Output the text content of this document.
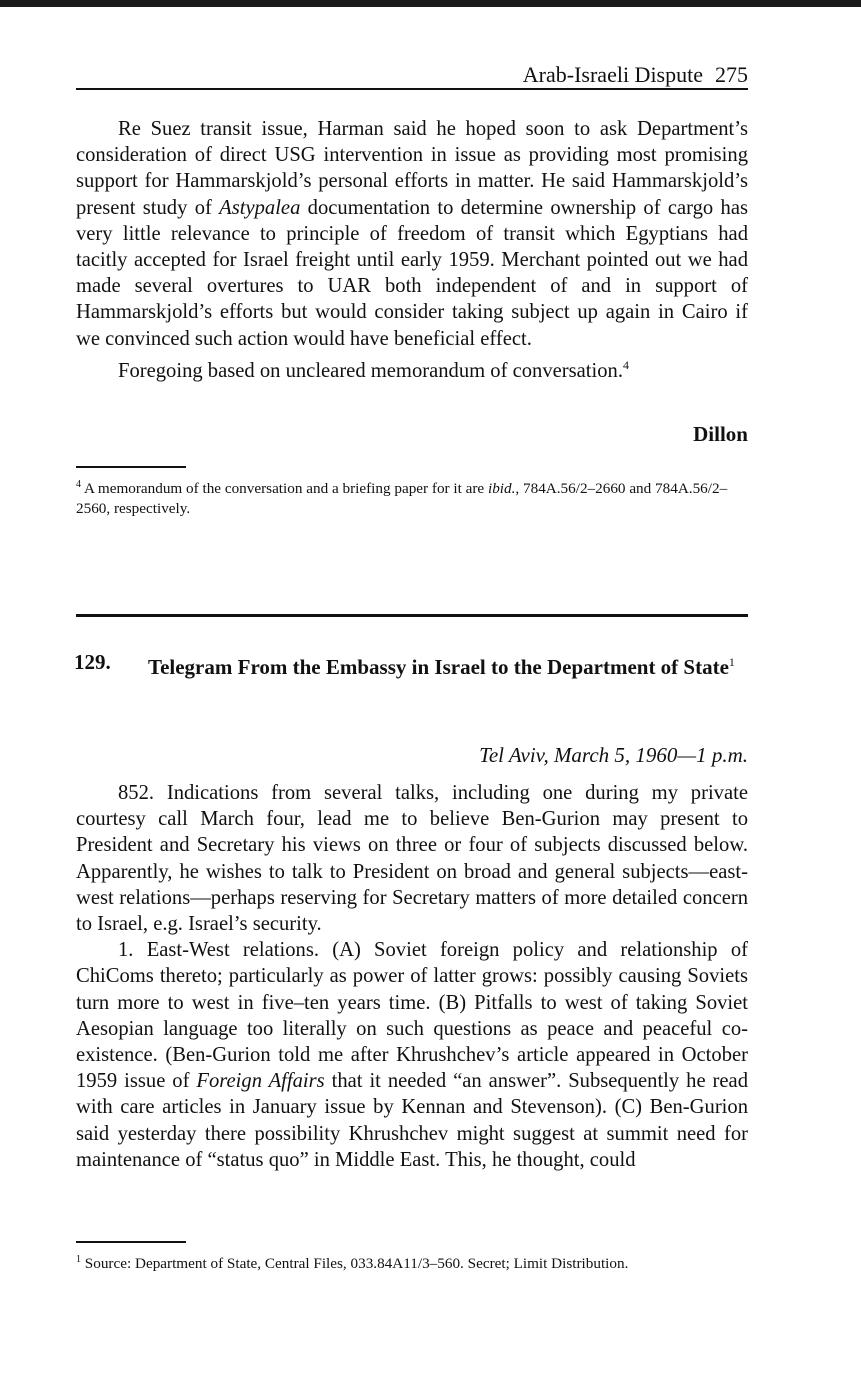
Arab-Israeli Dispute 275

Re Suez transit issue, Harman said he hoped soon to ask Department’s consideration of direct USG intervention in issue as providing most promising support for Hammarskjold’s personal efforts in matter. He said Hammarskjold’s present study of Astypalea documentation to determine ownership of cargo has very little relevance to principle of freedom of transit which Egyptians had tacitly accepted for Israel freight until early 1959. Merchant pointed out we had made several overtures to UAR both independent of and in support of Hammarskjold’s efforts but would consider taking subject up again in Cairo if we convinced such action would have beneficial effect.

Foregoing based on uncleared memorandum of conversation.$^4$

Dillon
$^4$ A memorandum of the conversation and a briefing paper for it are ibid., 784A.56/2–2660 and 784A.56/2–2560, respectively.
129. Telegram From the Embassy in Israel to the Department of State$^1$
Tel Aviv, March 5, 1960—1 p.m.

852. Indications from several talks, including one during my private courtesy call March four, lead me to believe Ben-Gurion may present to President and Secretary his views on three or four of subjects discussed below. Apparently, he wishes to talk to President on broad and general subjects—east-west relations—perhaps reserving for Secretary matters of more detailed concern to Israel, e.g. Israel’s security.

1. East-West relations. (A) Soviet foreign policy and relationship of ChiComs thereto; particularly as power of latter grows: possibly causing Soviets turn more to west in five–ten years time. (B) Pitfalls to west of taking Soviet Aesopian language too literally on such questions as peace and peaceful co-existence. (Ben-Gurion told me after Khrushchev’s article appeared in October 1959 issue of Foreign Affairs that it needed “an answer”. Subsequently he read with care articles in January issue by Kennan and Stevenson). (C) Ben-Gurion said yesterday there possibility Khrushchev might suggest at summit need for maintenance of “status quo” in Middle East. This, he thought, could

$^1$ Source: Department of State, Central Files, 033.84A11/3–560. Secret; Limit Distribution.
